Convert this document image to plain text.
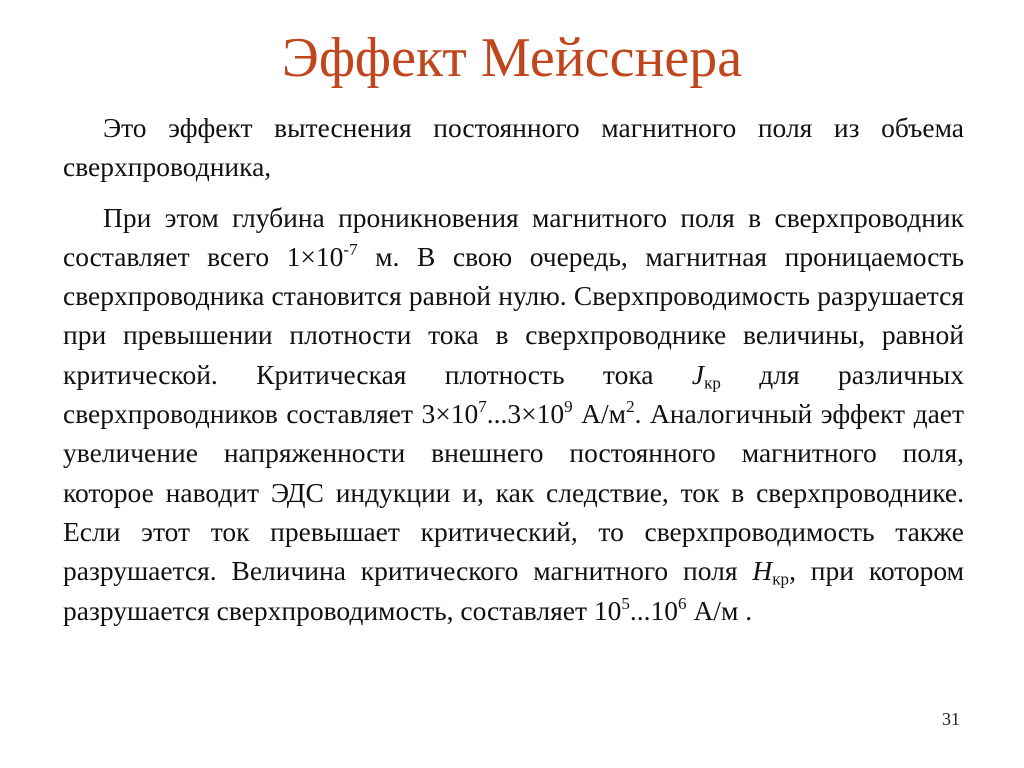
Эффект Мейсснера

Это эффект вытеснения постоянного магнитного поля из объема сверхпроводника,

При этом глубина проникновения магнитного поля в сверхпроводник составляет всего $1\times 10^{-7}$ м. В свою очередь, магнитная проницаемость сверхпроводника становится равной нулю. Сверхпроводимость разрушается при превышении плотности тока в сверхпроводнике величины, равной критической. Критическая плотность тока $J_{кр}$ для различных сверхпроводников составляет $3\times 10^7...3\times 10^9$ $А/м^2$. Аналогичный эффект дает увеличение напряженности внешнего постоянного магнитного поля, которое наводит ЭДС индукции и, как следствие, ток в сверхпроводнике. Если этот ток превышает критический, то сверхпроводимость также разрушается. Величина критического магнитного поля $H_{кр}$, при котором разрушается сверхпроводимость, составляет $10^5...10^6$ А/м .

31
